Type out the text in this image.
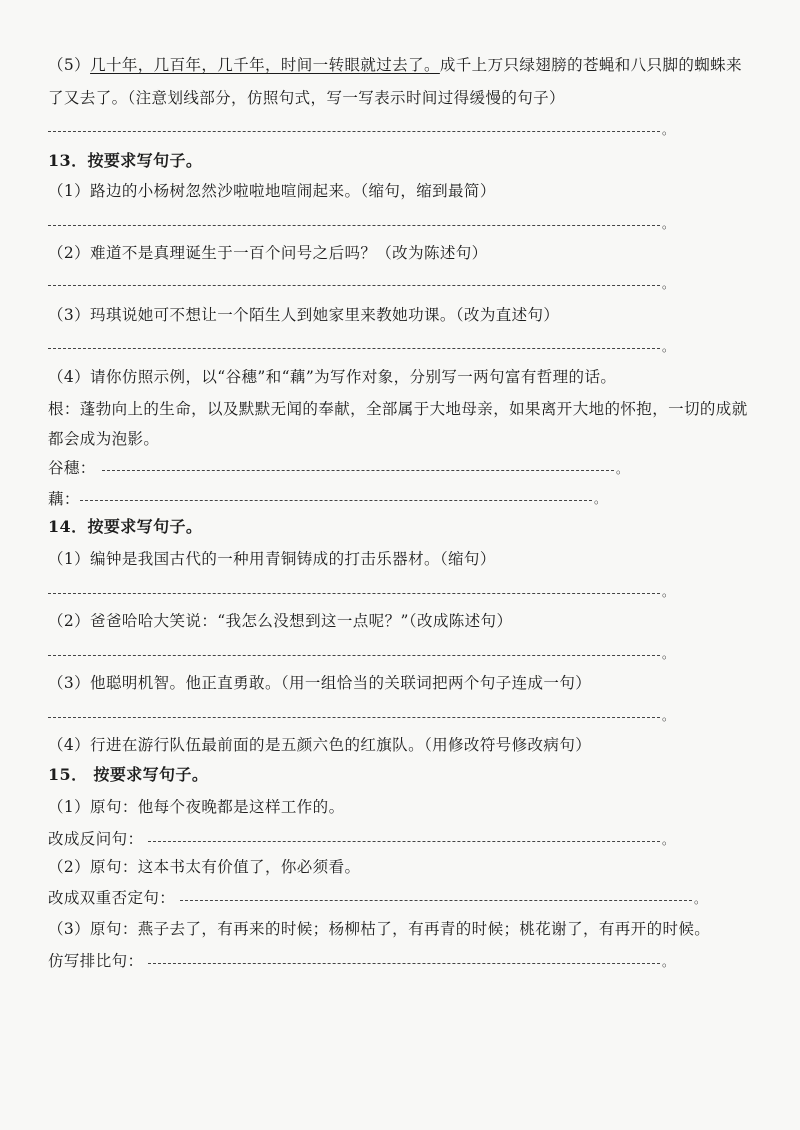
（5）几十年，几百年，几千年，时间一转眼就过去了。成千上万只绿翅膀的苍蝇和八只脚的蜘蛛来
了又去了。（注意划线部分，仿照句式，写一写表示时间过得缓慢的句子）
。
13．按要求写句子。
（1）路边的小杨树忽然沙啦啦地喧闹起来。（缩句，缩到最简）
。
（2）难道不是真理诞生于一百个问号之后吗？（改为陈述句）
。
（3）玛琪说她可不想让一个陌生人到她家里来教她功课。（改为直述句）
。
（4）请你仿照示例，以“谷穗”和“藕”为写作对象，分别写一两句富有哲理的话。
根：蓬勃向上的生命，以及默默无闻的奉献，全部属于大地母亲，如果离开大地的怀抱，一切的成就
都会成为泡影。
谷穗：	。
藕：	。
14．按要求写句子。
（1）编钟是我国古代的一种用青铜铸成的打击乐器材。（缩句）
。
（2）爸爸哈哈大笑说：“我怎么没想到这一点呢？”（改成陈述句）
。
（3）他聪明机智。他正直勇敢。（用一组恰当的关联词把两个句子连成一句）
。
（4）行进在游行队伍最前面的是五颜六色的红旗队。（用修改符号修改病句）
15． 按要求写句子。
（1）原句：他每个夜晚都是这样工作的。
改成反问句：	。
（2）原句：这本书太有价值了，你必须看。
改成双重否定句：	。
（3）原句：燕子去了，有再来的时候；杨柳枯了，有再青的时候；桃花谢了，有再开的时候。
仿写排比句：	。
